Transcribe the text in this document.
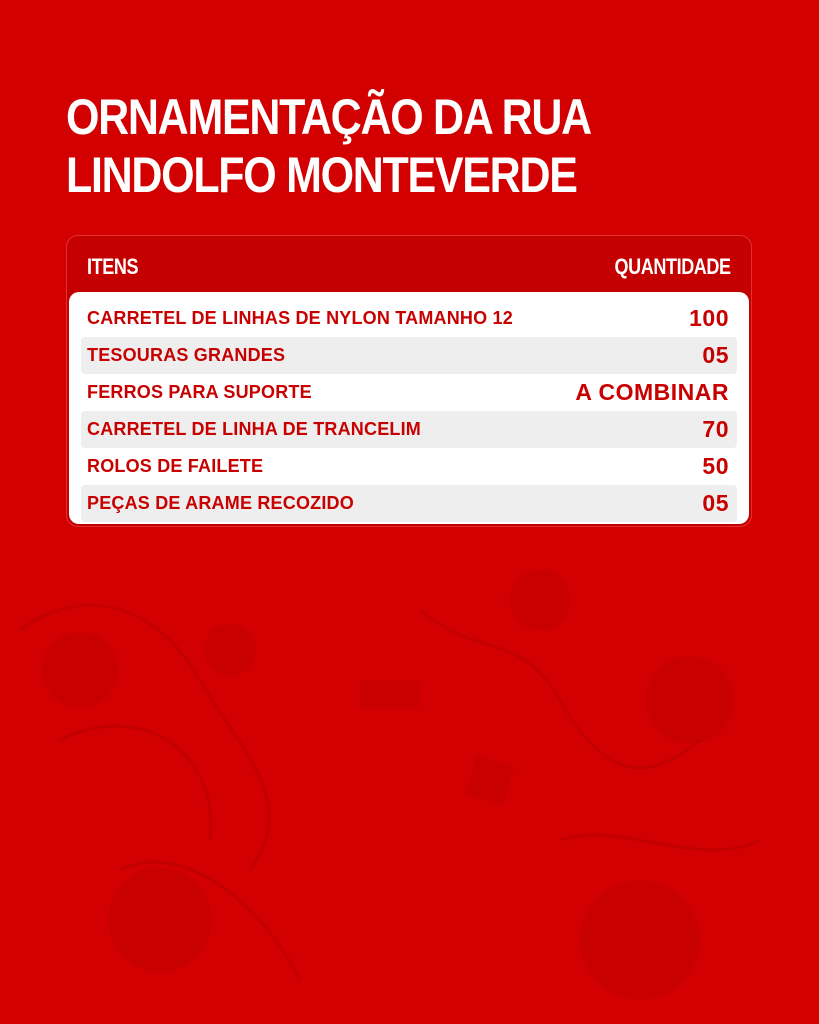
ORNAMENTAÇÃO DA RUA
LINDOLFO MONTEVERDE
ITENS	QUANTIDADE
CARRETEL DE LINHAS DE NYLON TAMANHO 12	100
TESOURAS GRANDES	05
FERROS PARA SUPORTE	A COMBINAR
CARRETEL DE LINHA DE TRANCELIM	70
ROLOS DE FAILETE	50
PEÇAS DE ARAME RECOZIDO	05
